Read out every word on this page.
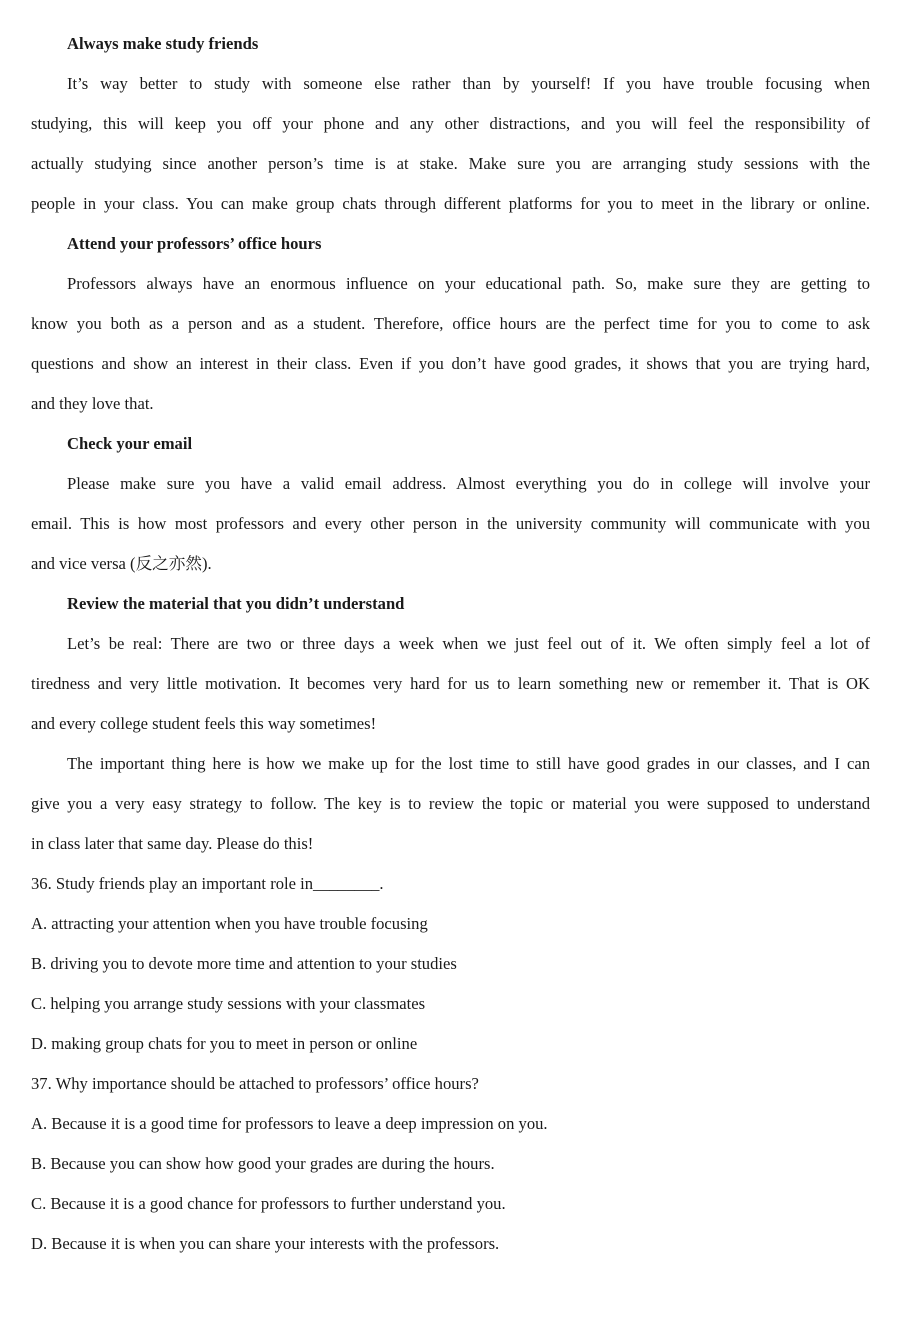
Always make study friends
It’s way better to study with someone else rather than by yourself! If you have trouble focusing when
studying, this will keep you off your phone and any other distractions, and you will feel the responsibility of
actually studying since another person’s time is at stake. Make sure you are arranging study sessions with the
people in your class. You can make group chats through different platforms for you to meet in the library or online.
Attend your professors’ office hours
Professors always have an enormous influence on your educational path. So, make sure they are getting to
know you both as a person and as a student. Therefore, office hours are the perfect time for you to come to ask
questions and show an interest in their class. Even if you don’t have good grades, it shows that you are trying hard,
and they love that.
Check your email
Please make sure you have a valid email address. Almost everything you do in college will involve your
email. This is how most professors and every other person in the university community will communicate with you
and vice versa (反之亦然).
Review the material that you didn’t understand
Let’s be real: There are two or three days a week when we just feel out of it. We often simply feel a lot of
tiredness and very little motivation. It becomes very hard for us to learn something new or remember it. That is OK
and every college student feels this way sometimes!
The important thing here is how we make up for the lost time to still have good grades in our classes, and I can
give you a very easy strategy to follow. The key is to review the topic or material you were supposed to understand
in class later that same day. Please do this!
36. Study friends play an important role in________.
A. attracting your attention when you have trouble focusing
B. driving you to devote more time and attention to your studies
C. helping you arrange study sessions with your classmates
D. making group chats for you to meet in person or online
37. Why importance should be attached to professors’ office hours?
A. Because it is a good time for professors to leave a deep impression on you.
B. Because you can show how good your grades are during the hours.
C. Because it is a good chance for professors to further understand you.
D. Because it is when you can share your interests with the professors.
